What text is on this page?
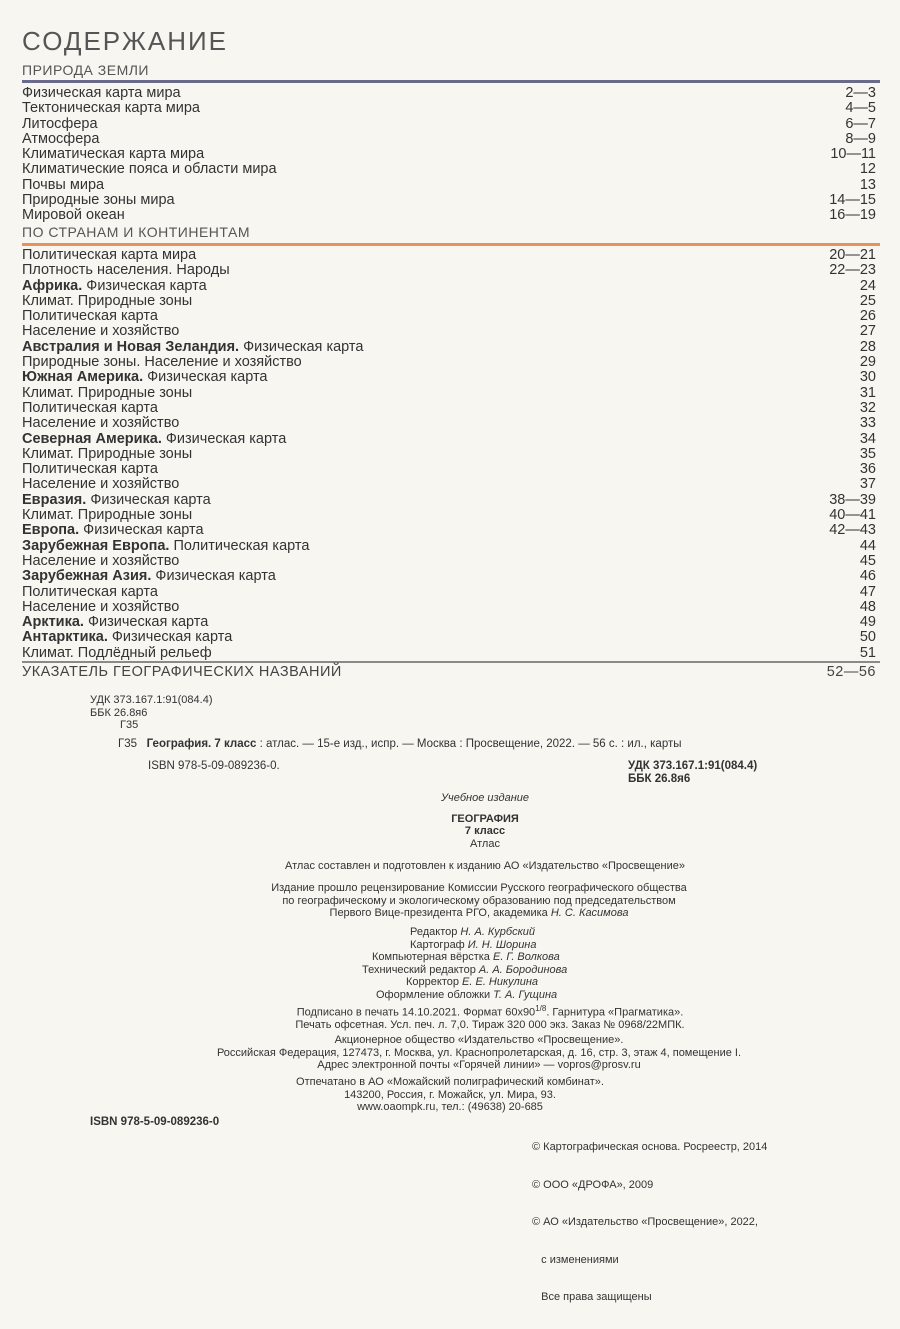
СОДЕРЖАНИЕ
ПРИРОДА ЗЕМЛИ
Физическая карта мира	2—3
Тектоническая карта мира	4—5
Литосфера	6—7
Атмосфера	8—9
Климатическая карта мира	10—11
Климатические пояса и области мира	12
Почвы мира	13
Природные зоны мира	14—15
Мировой океан	16—19
ПО СТРАНАМ И КОНТИНЕНТАМ
Политическая карта мира	20—21
Плотность населения. Народы	22—23
Африка. Физическая карта	24
Климат. Природные зоны	25
Политическая карта	26
Население и хозяйство	27
Австралия и Новая Зеландия. Физическая карта	28
Природные зоны. Население и хозяйство	29
Южная Америка. Физическая карта	30
Климат. Природные зоны	31
Политическая карта	32
Население и хозяйство	33
Северная Америка. Физическая карта	34
Климат. Природные зоны	35
Политическая карта	36
Население и хозяйство	37
Евразия. Физическая карта	38—39
Климат. Природные зоны	40—41
Европа. Физическая карта	42—43
Зарубежная Европа. Политическая карта	44
Население и хозяйство	45
Зарубежная Азия. Физическая карта	46
Политическая карта	47
Население и хозяйство	48
Арктика. Физическая карта	49
Антарктика. Физическая карта	50
Климат. Подлёдный рельеф	51
УКАЗАТЕЛЬ ГЕОГРАФИЧЕСКИХ НАЗВАНИЙ	52—56
УДК 373.167.1:91(084.4)
ББК 26.8я6
Г35
Г35 География. 7 класс : атлас. — 15-е изд., испр. — Москва : Просвещение, 2022. — 56 с. : ил., карты
ISBN 978-5-09-089236-0.	УДК 373.167.1:91(084.4)
ББК 26.8я6
Учебное издание
ГЕОГРАФИЯ
7 класс
Атлас
Атлас составлен и подготовлен к изданию АО «Издательство «Просвещение»
Издание прошло рецензирование Комиссии Русского географического общества
по географическому и экологическому образованию под председательством
Первого Вице-президента РГО, академика Н. С. Касимова
Редактор Н. А. Курбский
Картограф И. Н. Шорина
Компьютерная вёрстка Е. Г. Волкова
Технический редактор А. А. Бородинова
Корректор Е. Е. Никулина
Оформление обложки Т. А. Гущина
Подписано в печать 14.10.2021. Формат $60x90^{1/8}$. Гарнитура «Прагматика».
Печать офсетная. Усл. печ. л. 7,0. Тираж 320 000 экз. Заказ № 0968/22МПК.
Акционерное общество «Издательство «Просвещение».
Российская Федерация, 127473, г. Москва, ул. Краснопролетарская, д. 16, стр. 3, этаж 4, помещение I.
Адрес электронной почты «Горячей линии» — vopros@prosv.ru
Отпечатано в АО «Можайский полиграфический комбинат».
143200, Россия, г. Можайск, ул. Мира, 93.
www.oaompk.ru, тел.: (49638) 20-685
ISBN 978-5-09-089236-0

© Картографическая основа. Росреестр, 2014

© ООО «ДРОФА», 2009

© АО «Издательство «Просвещение», 2022,

с изменениями

Все права защищены
